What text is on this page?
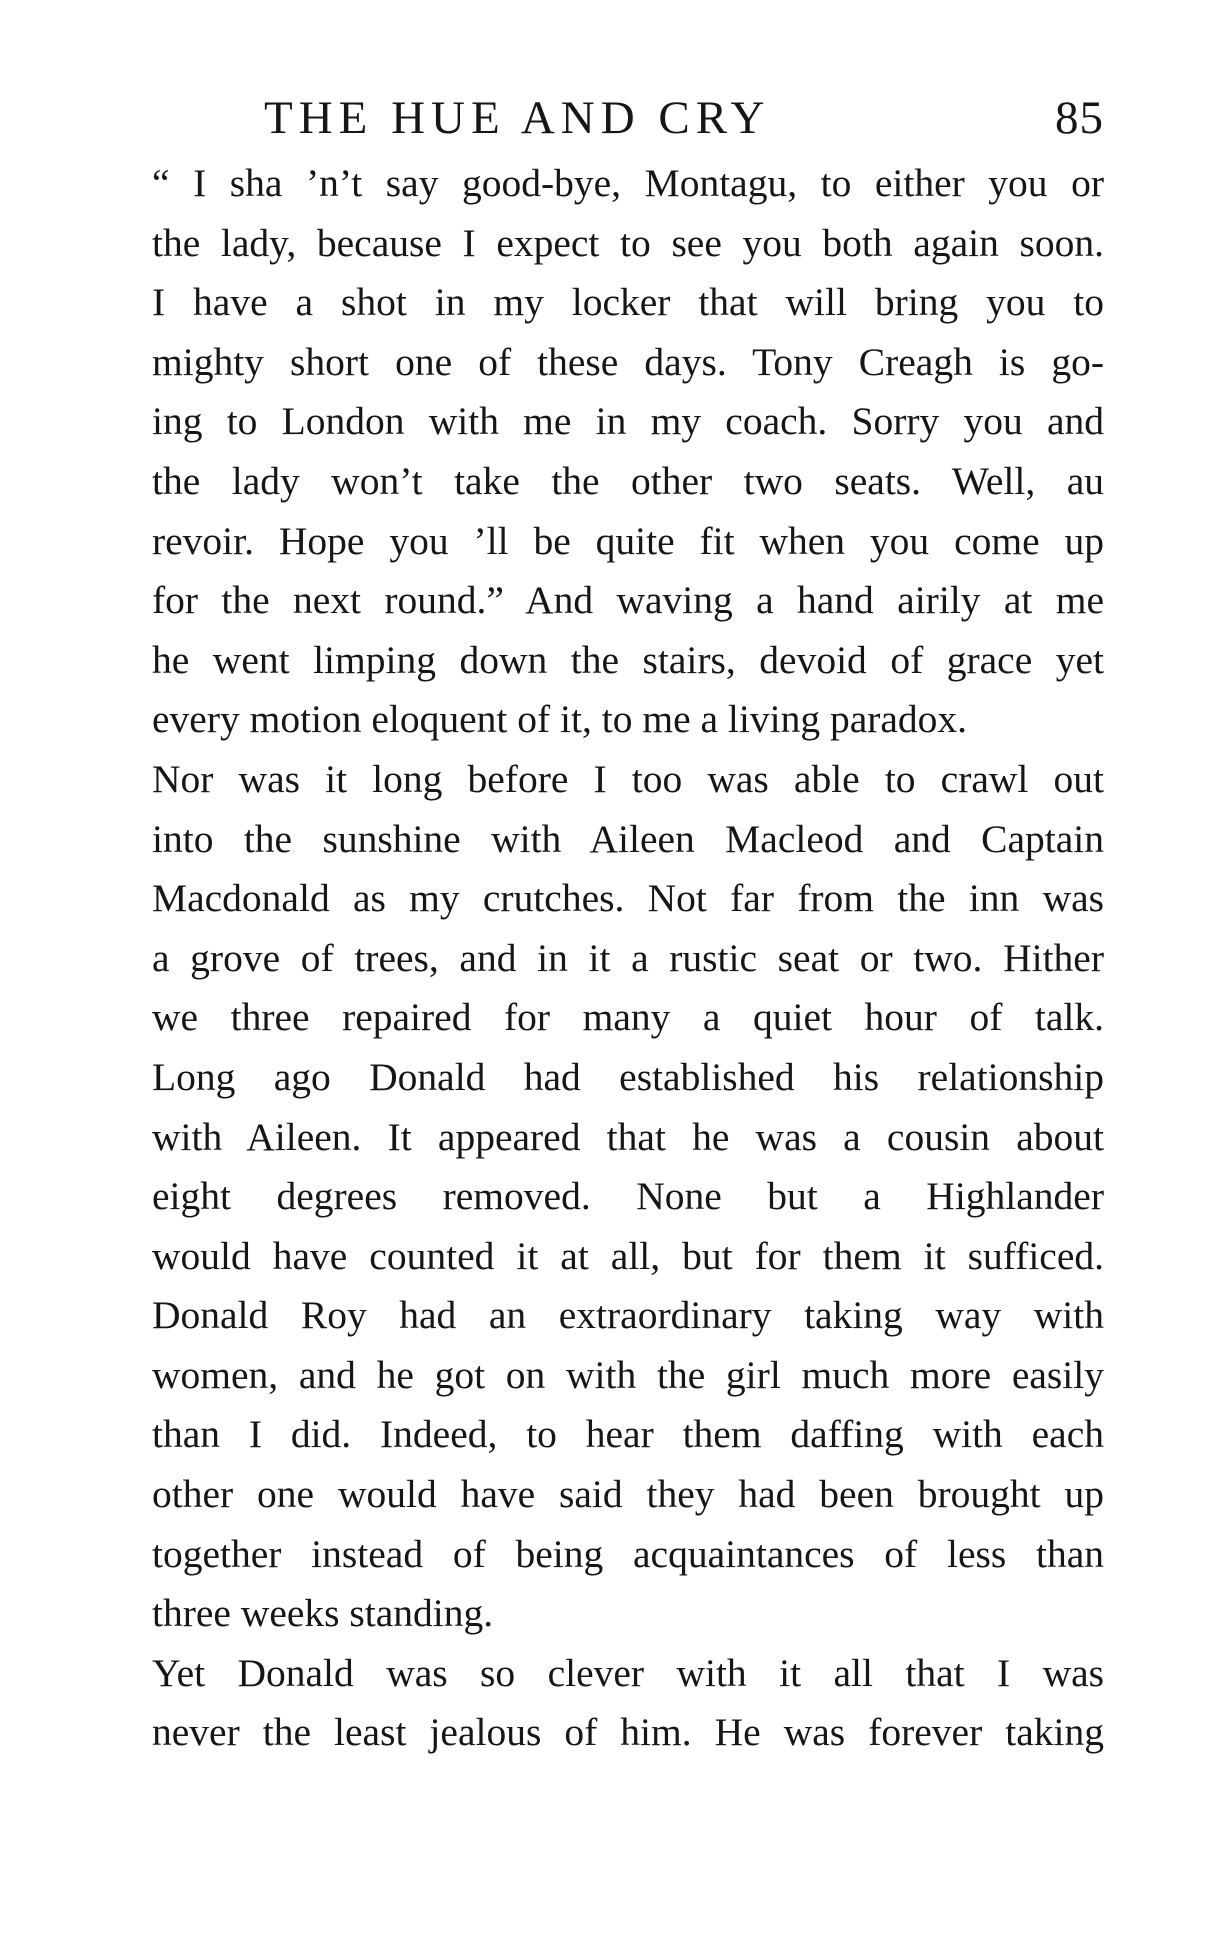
THE HUE AND CRY	85

“ I sha ’n’t say good-bye, Montagu, to either you or
the lady, because I expect to see you both again soon.
I have a shot in my locker that will bring you to
mighty short one of these days. Tony Creagh is go-
ing to London with me in my coach. Sorry you and
the lady won’t take the other two seats. Well, au
revoir. Hope you ’ll be quite fit when you come up
for the next round.” And waving a hand airily at me
he went limping down the stairs, devoid of grace yet
every motion eloquent of it, to me a living paradox.

Nor was it long before I too was able to crawl out
into the sunshine with Aileen Macleod and Captain
Macdonald as my crutches. Not far from the inn was
a grove of trees, and in it a rustic seat or two. Hither
we three repaired for many a quiet hour of talk.
Long ago Donald had established his relationship
with Aileen. It appeared that he was a cousin about
eight degrees removed. None but a Highlander
would have counted it at all, but for them it sufficed.
Donald Roy had an extraordinary taking way with
women, and he got on with the girl much more easily
than I did. Indeed, to hear them daffing with each
other one would have said they had been brought up
together instead of being acquaintances of less than
three weeks standing.

Yet Donald was so clever with it all that I was
never the least jealous of him. He was forever taking
